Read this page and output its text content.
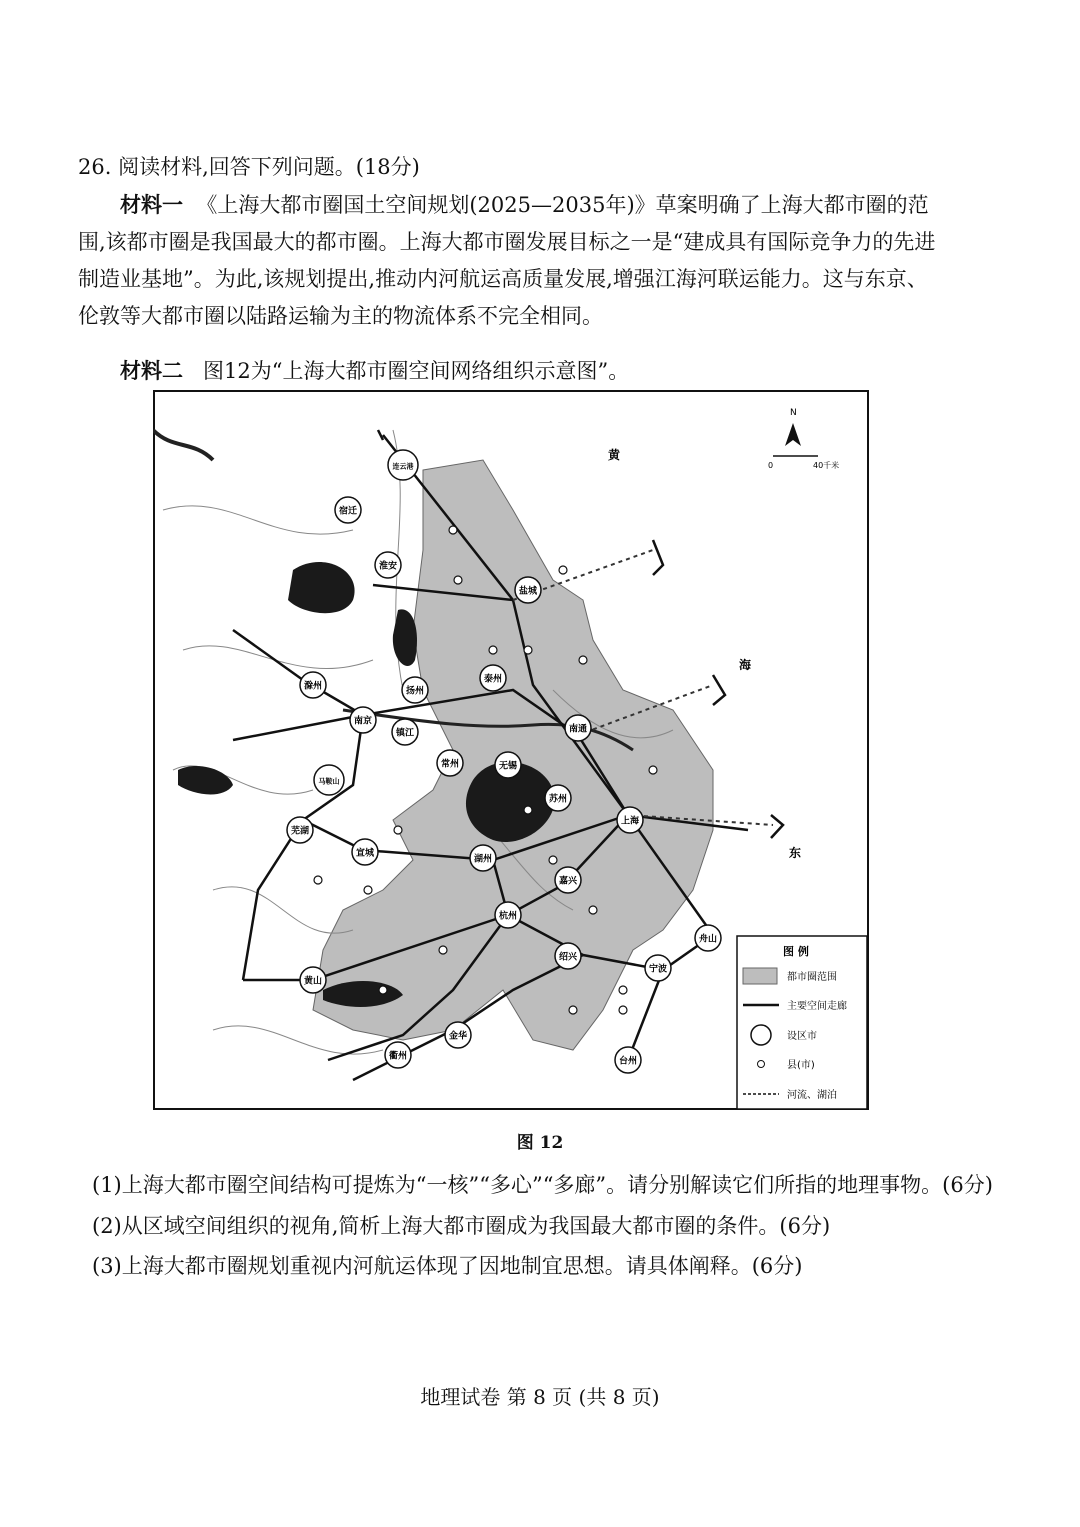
26. 阅读材料,回答下列问题。(18分)
材料一 《上海大都市圈国土空间规划(2025—2035年)》草案明确了上海大都市圈的范围,该都市圈是我国最大的都市圈。上海大都市圈发展目标之一是“建成具有国际竞争力的先进制造业基地”。为此,该规划提出,推动内河航运高质量发展,增强江海河联运能力。这与东京、伦敦等大都市圈以陆路运输为主的物流体系不完全相同。
材料二 图12为“上海大都市圈空间网络组织示意图”。
连云港
宿迁
淮安
盐城
滁州	扬州
泰州
南京
镇江	南通
常州	无锡
马鞍山
苏州
上海
芜湖
宣城
湖州
嘉兴
杭州
舟山
黄山
绍兴
宁波
衢州
金华
台州
N
0	40千米
黄
海
东
图 例
都市圈范围
主要空间走廊
设区市
县(市)
河流、湖泊
图 12
(1)上海大都市圈空间结构可提炼为“一核”“多心”“多廊”。请分别解读它们所指的地理事物。(6分)
(2)从区域空间组织的视角,简析上海大都市圈成为我国最大都市圈的条件。(6分)
(3)上海大都市圈规划重视内河航运体现了因地制宜思想。请具体阐释。(6分)
地理试卷 第 8 页 (共 8 页)
